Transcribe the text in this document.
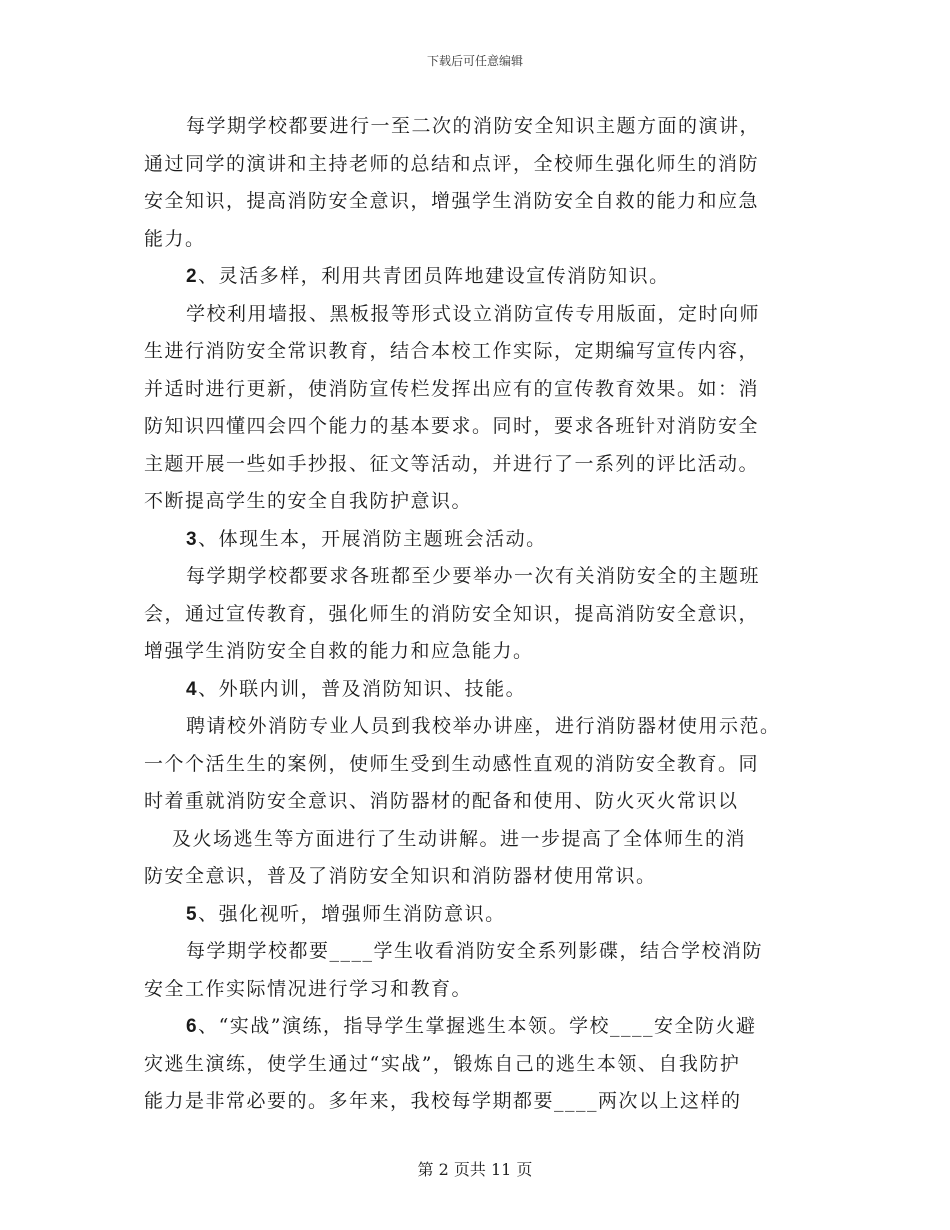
下载后可任意编辑
每学期学校都要进行一至二次的消防安全知识主题方面的演讲，
通过同学的演讲和主持老师的总结和点评，全校师生强化师生的消防
安全知识，提高消防安全意识，增强学生消防安全自救的能力和应急
能力。
2、灵活多样，利用共青团员阵地建设宣传消防知识。
学校利用墙报、黑板报等形式设立消防宣传专用版面，定时向师
生进行消防安全常识教育，结合本校工作实际，定期编写宣传内容，
并适时进行更新，使消防宣传栏发挥出应有的宣传教育效果。如：消
防知识四懂四会四个能力的基本要求。同时，要求各班针对消防安全
主题开展一些如手抄报、征文等活动，并进行了一系列的评比活动。
不断提高学生的安全自我防护意识。
3、体现生本，开展消防主题班会活动。
每学期学校都要求各班都至少要举办一次有关消防安全的主题班
会，通过宣传教育，强化师生的消防安全知识，提高消防安全意识，
增强学生消防安全自救的能力和应急能力。
4、外联内训，普及消防知识、技能。
聘请校外消防专业人员到我校举办讲座，进行消防器材使用示范。
一个个活生生的案例，使师生受到生动感性直观的消防安全教育。同
时着重就消防安全意识、消防器材的配备和使用、防火灭火常识以
及火场逃生等方面进行了生动讲解。进一步提高了全体师生的消
防安全意识，普及了消防安全知识和消防器材使用常识。
5、强化视听，增强师生消防意识。
每学期学校都要____学生收看消防安全系列影碟，结合学校消防
安全工作实际情况进行学习和教育。
6、“实战”演练，指导学生掌握逃生本领。学校____安全防火避
灾逃生演练，使学生通过“实战”，锻炼自己的逃生本领、自我防护
能力是非常必要的。多年来，我校每学期都要____两次以上这样的
第 2 页共 11 页
